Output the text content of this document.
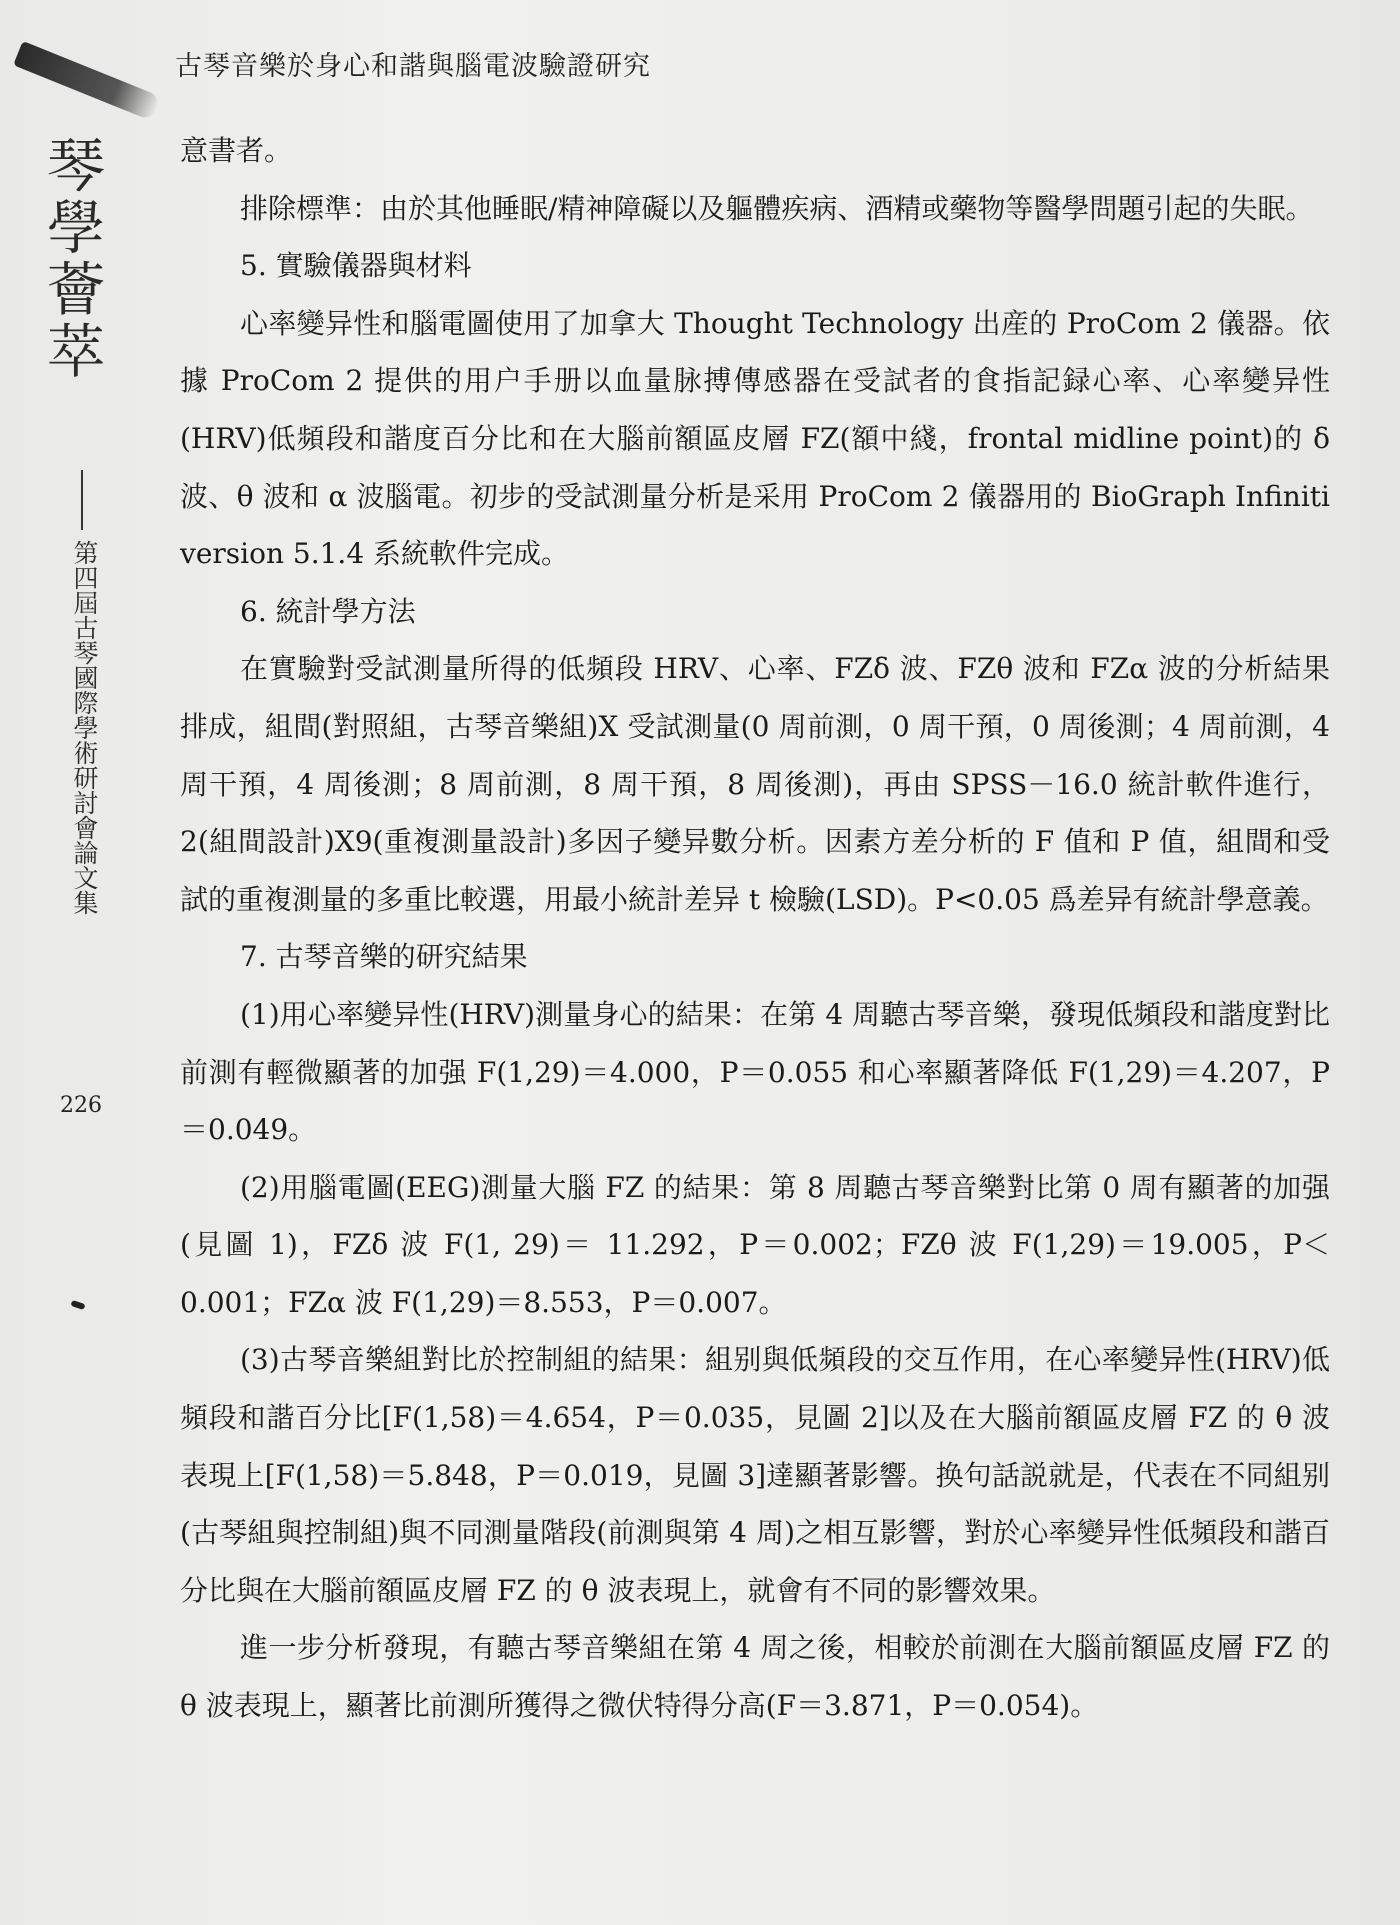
古琴音樂於身心和諧與腦電波驗證研究
琴學薈萃
第四屆古琴國際學術研討會論文集
226

意書者。

排除標準：由於其他睡眠/精神障礙以及軀體疾病、酒精或藥物等醫學問題引起的失眠。

5. 實驗儀器與材料

心率變异性和腦電圖使用了加拿大 Thought Technology 出産的 ProCom 2 儀器。依據 ProCom 2 提供的用户手册以血量脉搏傳感器在受試者的食指記録心率、心率變异性(HRV)低頻段和諧度百分比和在大腦前額區皮層 FZ(額中綫，frontal midline point)的 δ 波、θ 波和 α 波腦電。初步的受試測量分析是采用 ProCom 2 儀器用的 BioGraph Infiniti version 5.1.4 系統軟件完成。

6. 統計學方法

在實驗對受試測量所得的低頻段 HRV、心率、FZδ 波、FZθ 波和 FZα 波的分析結果排成，組間(對照組，古琴音樂組)X 受試測量(0 周前測，0 周干預，0 周後測；4 周前測，4 周干預，4 周後測；8 周前測，8 周干預，8 周後測)，再由 SPSS－16.0 統計軟件進行，2(組間設計)X9(重複測量設計)多因子變异數分析。因素方差分析的 F 值和 P 值，組間和受試的重複測量的多重比較選，用最小統計差异 t 檢驗(LSD)。P<0.05 爲差异有統計學意義。

7. 古琴音樂的研究結果

(1)用心率變异性(HRV)測量身心的結果：在第 4 周聽古琴音樂，發現低頻段和諧度對比前測有輕微顯著的加强 F(1,29)＝4.000，P＝0.055 和心率顯著降低 F(1,29)＝4.207，P＝0.049。

(2)用腦電圖(EEG)測量大腦 FZ 的結果：第 8 周聽古琴音樂對比第 0 周有顯著的加强(見圖 1)，FZδ 波 F(1, 29)＝ 11.292，P＝0.002；FZθ 波 F(1,29)＝19.005，P＜0.001；FZα 波 F(1,29)＝8.553，P＝0.007。

(3)古琴音樂組對比於控制組的結果：組别與低頻段的交互作用，在心率變异性(HRV)低頻段和諧百分比[F(1,58)＝4.654，P＝0.035，見圖 2]以及在大腦前額區皮層 FZ 的 θ 波表現上[F(1,58)＝5.848，P＝0.019，見圖 3]達顯著影響。换句話説就是，代表在不同組别(古琴組與控制組)與不同測量階段(前測與第 4 周)之相互影響，對於心率變异性低頻段和諧百分比與在大腦前額區皮層 FZ 的 θ 波表現上，就會有不同的影響效果。

進一步分析發現，有聽古琴音樂組在第 4 周之後，相較於前測在大腦前額區皮層 FZ 的 θ 波表現上，顯著比前測所獲得之微伏特得分高(F＝3.871，P＝0.054)。
